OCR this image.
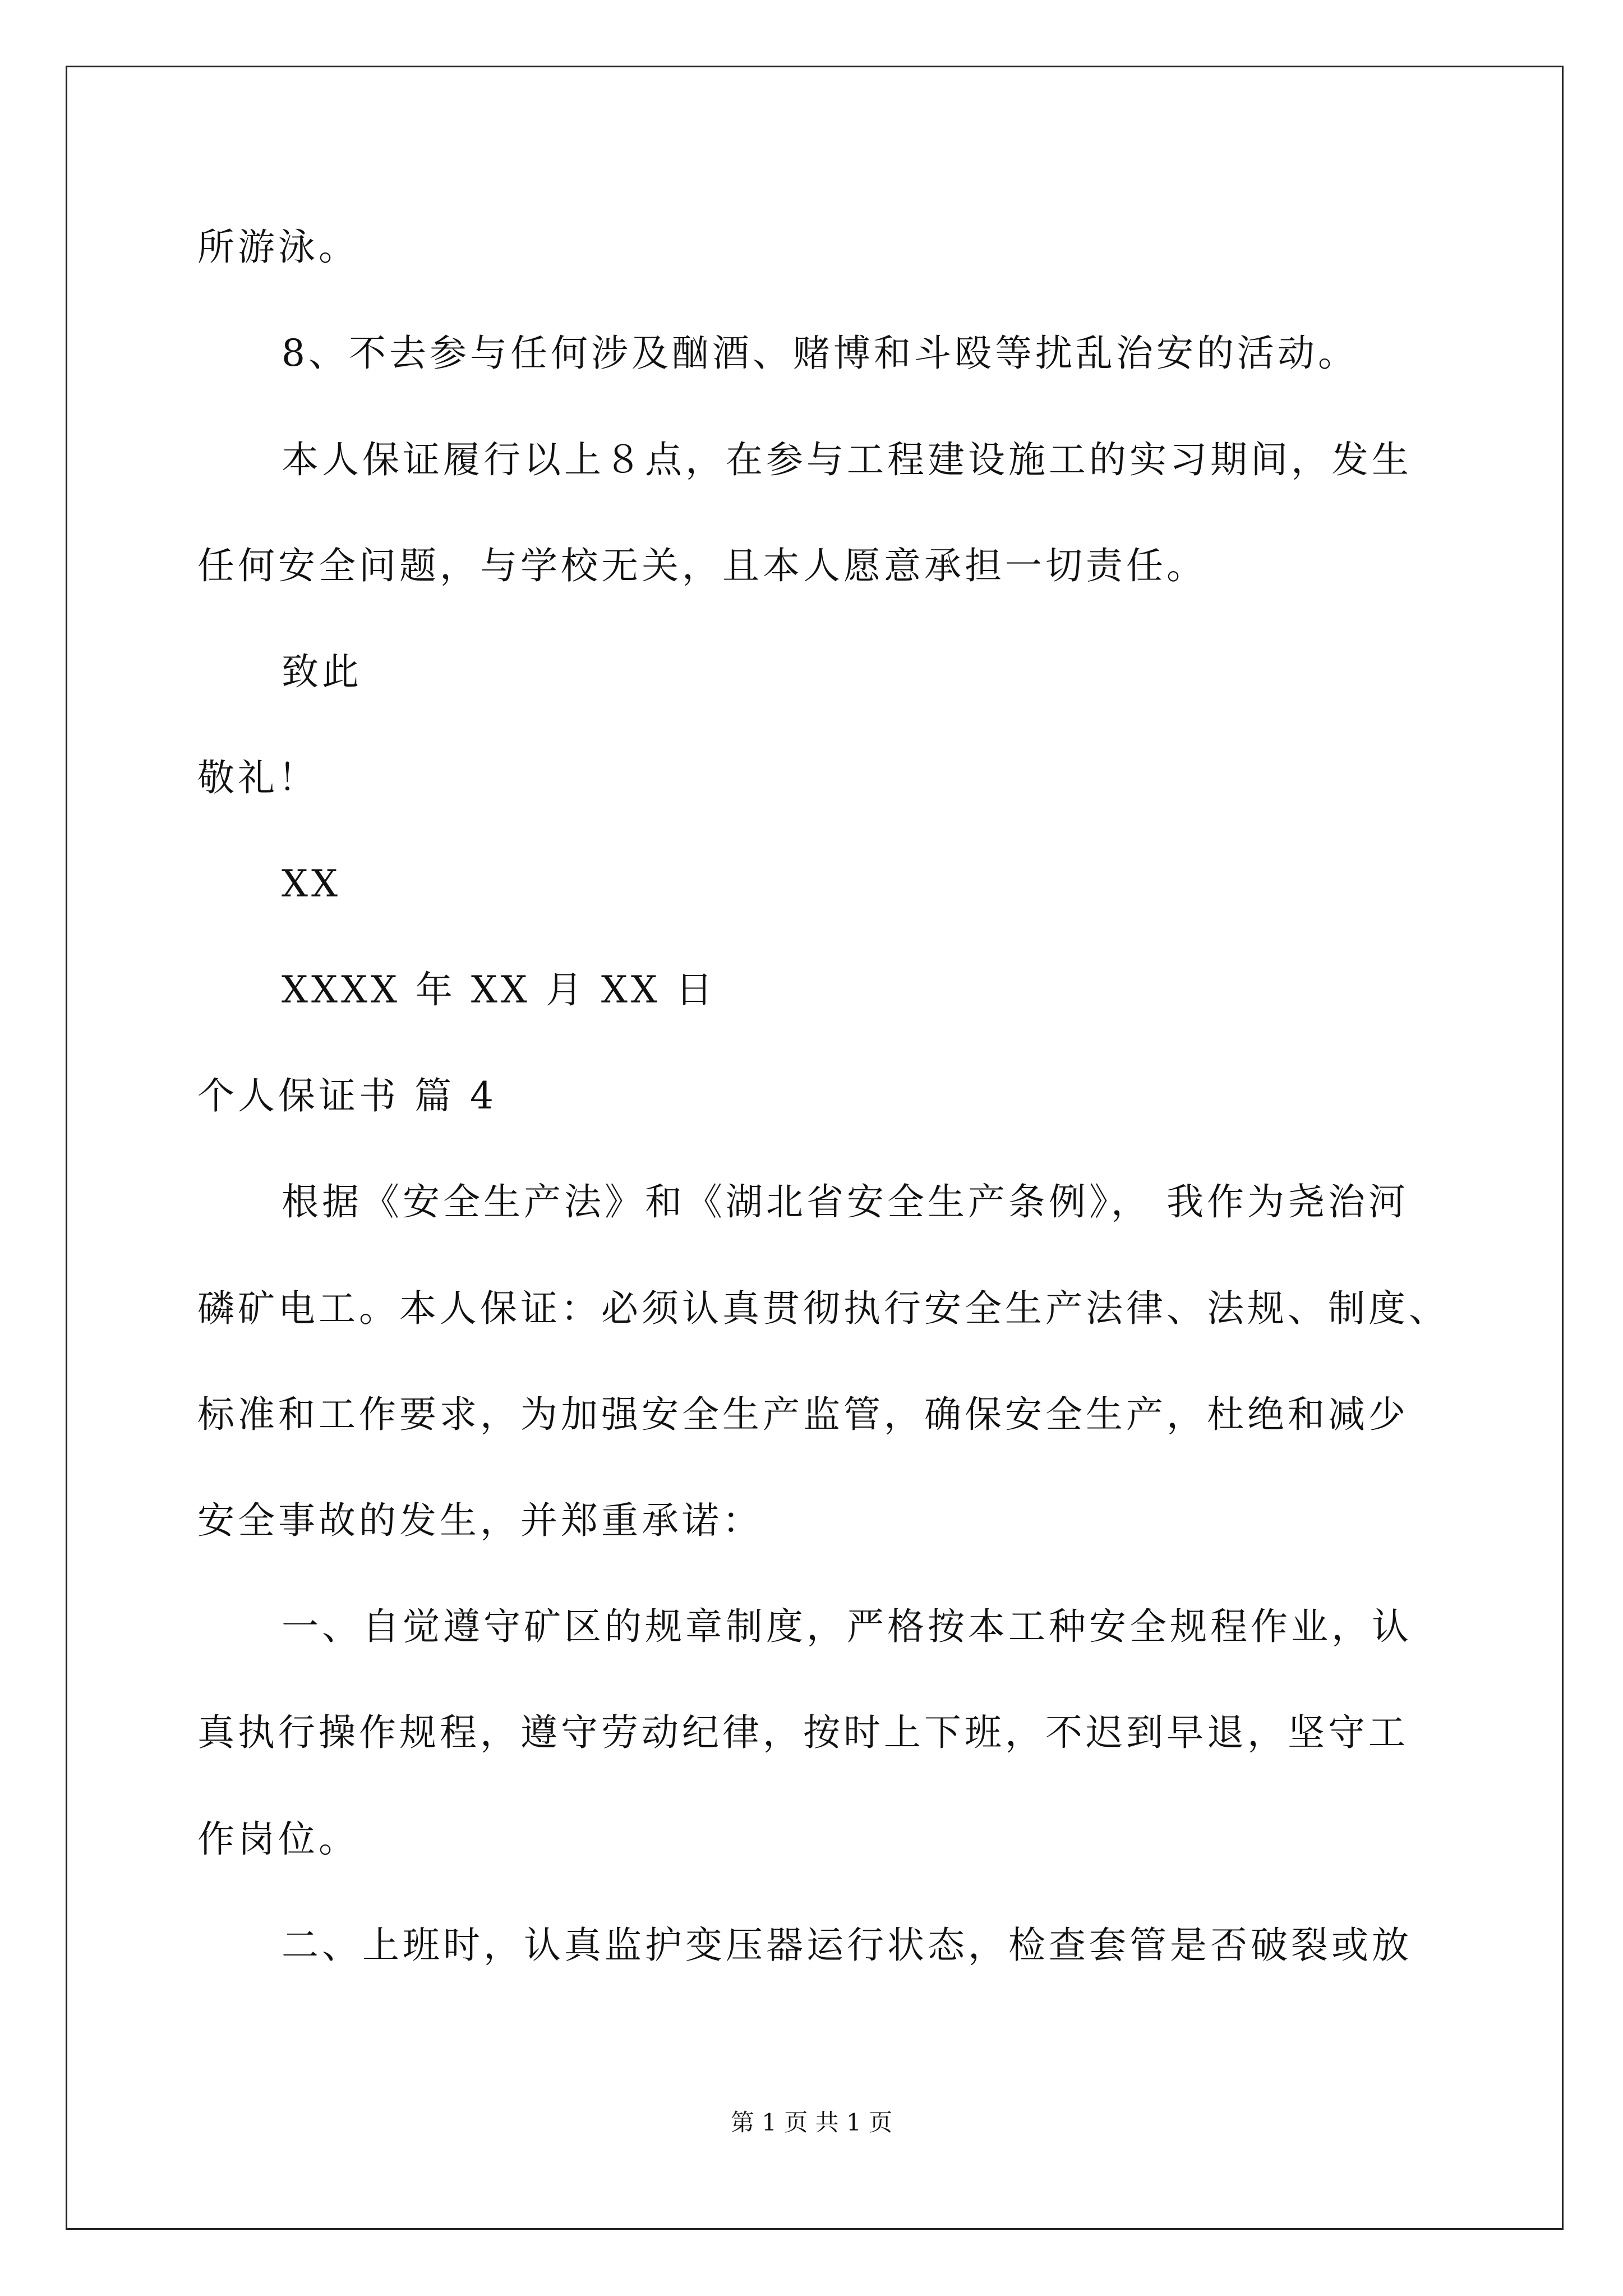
所游泳。
8、不去参与任何涉及酗酒、赌博和斗殴等扰乱治安的活动。
本人保证履行以上８点，在参与工程建设施工的实习期间，发生
任何安全问题，与学校无关，且本人愿意承担一切责任。
致此
敬礼！
XX
XXXX 年 XX 月 XX 日
个人保证书 篇 4
根据《安全生产法》和《湖北省安全生产条例》， 我作为尧治河
磷矿电工。本人保证：必须认真贯彻执行安全生产法律、法规、制度、
标准和工作要求，为加强安全生产监管，确保安全生产，杜绝和减少
安全事故的发生，并郑重承诺：
一、自觉遵守矿区的规章制度，严格按本工种安全规程作业，认
真执行操作规程，遵守劳动纪律，按时上下班，不迟到早退，坚守工
作岗位。
二、上班时，认真监护变压器运行状态，检查套管是否破裂或放
第 1 页 共 1 页
